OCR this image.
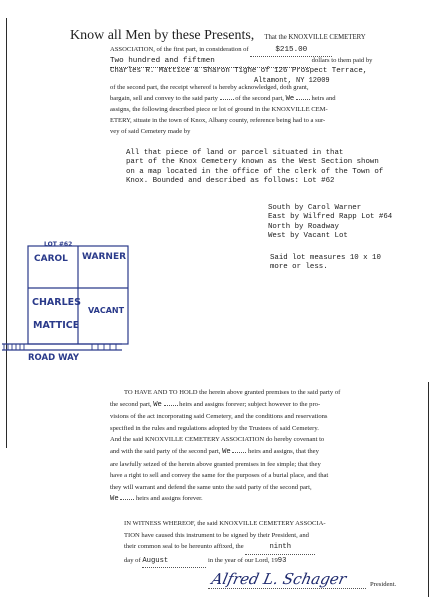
Know all Men by these Presents, That the KNOXVILLE CEMETERY
ASSOCIATION, of the first part, in consideration of	$215.00
Two hundred and fiftmen	dollars to them paid by
Charles R. Mattice & Sharon Tighe of 126 Prospect Terrace,
Altamont, NY 12009
of the second part, the receipt whereof is hereby acknowledged, doth grant,
bargain, sell and convey to the said party	of the second part, We	heirs and
assigns, the following described piece or lot of ground in the KNOXVILLE CEM-
ETERY, situate in the town of Knox, Albany county, reference being had to a sur-
vey of said Cemetery made by
All that piece of land or parcel situated in that
part of the Knox Cemetery known as the West Section shown
on a map located in the office of the clerk of the Town of
Knox. Bounded and described as follows: Lot #62
South by Carol Warner
East by Wilfred Rapp Lot #64
North by Roadway
West by Vacant Lot
Said lot measures 10 x 10
more or less.
LOT #62
CAROL WARNER
CHARLES
MATTICE
VACANT
ROAD WAY
TO HAVE AND TO HOLD the herein above granted premises to the said party of
the second part, We	heirs and assigns forever; subject however to the pro-
visions of the act incorporating said Cemetery, and the conditions and reservations
specified in the rules and regulations adopted by the Trustees of said Cemetery.
And the said KNOXVILLE CEMETERY ASSOCIATION do hereby covenant to
and with the said party of the second part, We	heirs and assigns, that they
are lawfully seized of the herein above granted premises in fee simple; that they
have a right to sell and convey the same for the purposes of a burial place, and that
they will warrant and defend the same unto the said party of the second part,
We	heirs and assigns forever.
IN WITNESS WHEREOF, the said KNOXVILLE CEMETERY ASSOCIA-
TION have caused this instrument to be signed by their President, and
their common seal to be hereunto affixed, the	ninth
day of August	in the year of our Lord, 1993
Alfred L. Schager	President.
